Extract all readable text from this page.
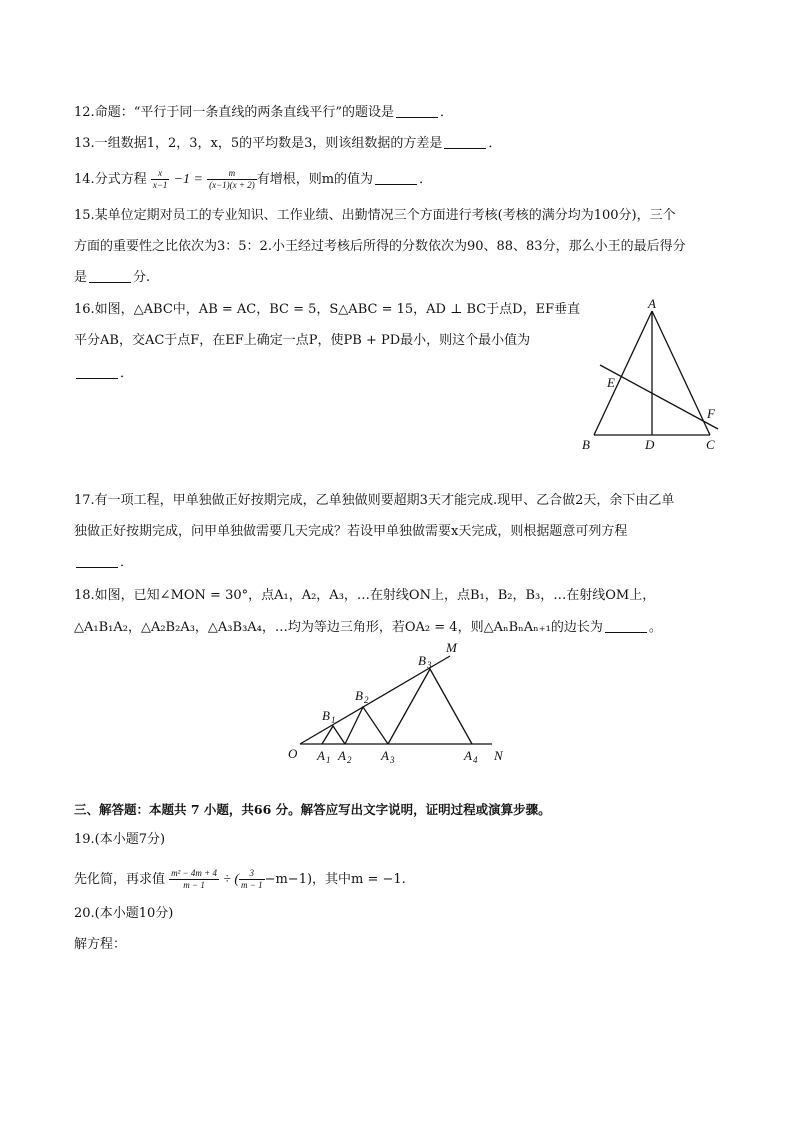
12.命题：“平行于同一条直线的两条直线平行”的题设是	．
13.一组数据1，2，3，x，5的平均数是3，则该组数据的方差是	．
14.分式方程 $\frac{x}{x-1} -1 = \frac{m}{(x-1)(x + 2)}$ 有增根，则m的值为	．
15.某单位定期对员工的专业知识、工作业绩、出勤情况三个方面进行考核(考核的满分均为100分)，三个
方面的重要性之比依次为3：5：2.小王经过考核后所得的分数依次为90、88、83分，那么小王的最后得分
是	分.
16.如图，△ABC中，AB = AC，BC = 5，S△ABC = 15，AD ⊥ BC于点D，EF垂直
平分AB，交AC于点F，在EF上确定一点P，使PB + PD最小，则这个最小值为
．
A
B	C
D
E
F
17.有一项工程，甲单独做正好按期完成，乙单独做则要超期3天才能完成.现甲、乙合做2天，余下由乙单
独做正好按期完成，问甲单独做需要几天完成？若设甲单独做需要x天完成，则根据题意可列方程
．
18.如图，已知∠MON = 30°，点A₁，A₂，A₃，…在射线ON上，点B₁，B₂，B₃，…在射线OM上，
△A₁B₁A₂，△A₂B₂A₃，△A₃B₃A₄，…均为等边三角形，若OA₂ = 4，则△AₙBₙAₙ₊₁的边长为	。
O
M
N
A 1 A 2 A 3	A 4
B 1
B 2
B 3
三、解答题：本题共 7 小题，共66 分。解答应写出文字说明，证明过程或演算步骤。
19.(本小题7分)
先化简，再求值 $\frac{\text{m² − 4m + 4}}{m - 1}$ ÷ ( $\frac{3}{m - 1} -m-1$)，其中m = −1.
20.(本小题10分)
解方程：
